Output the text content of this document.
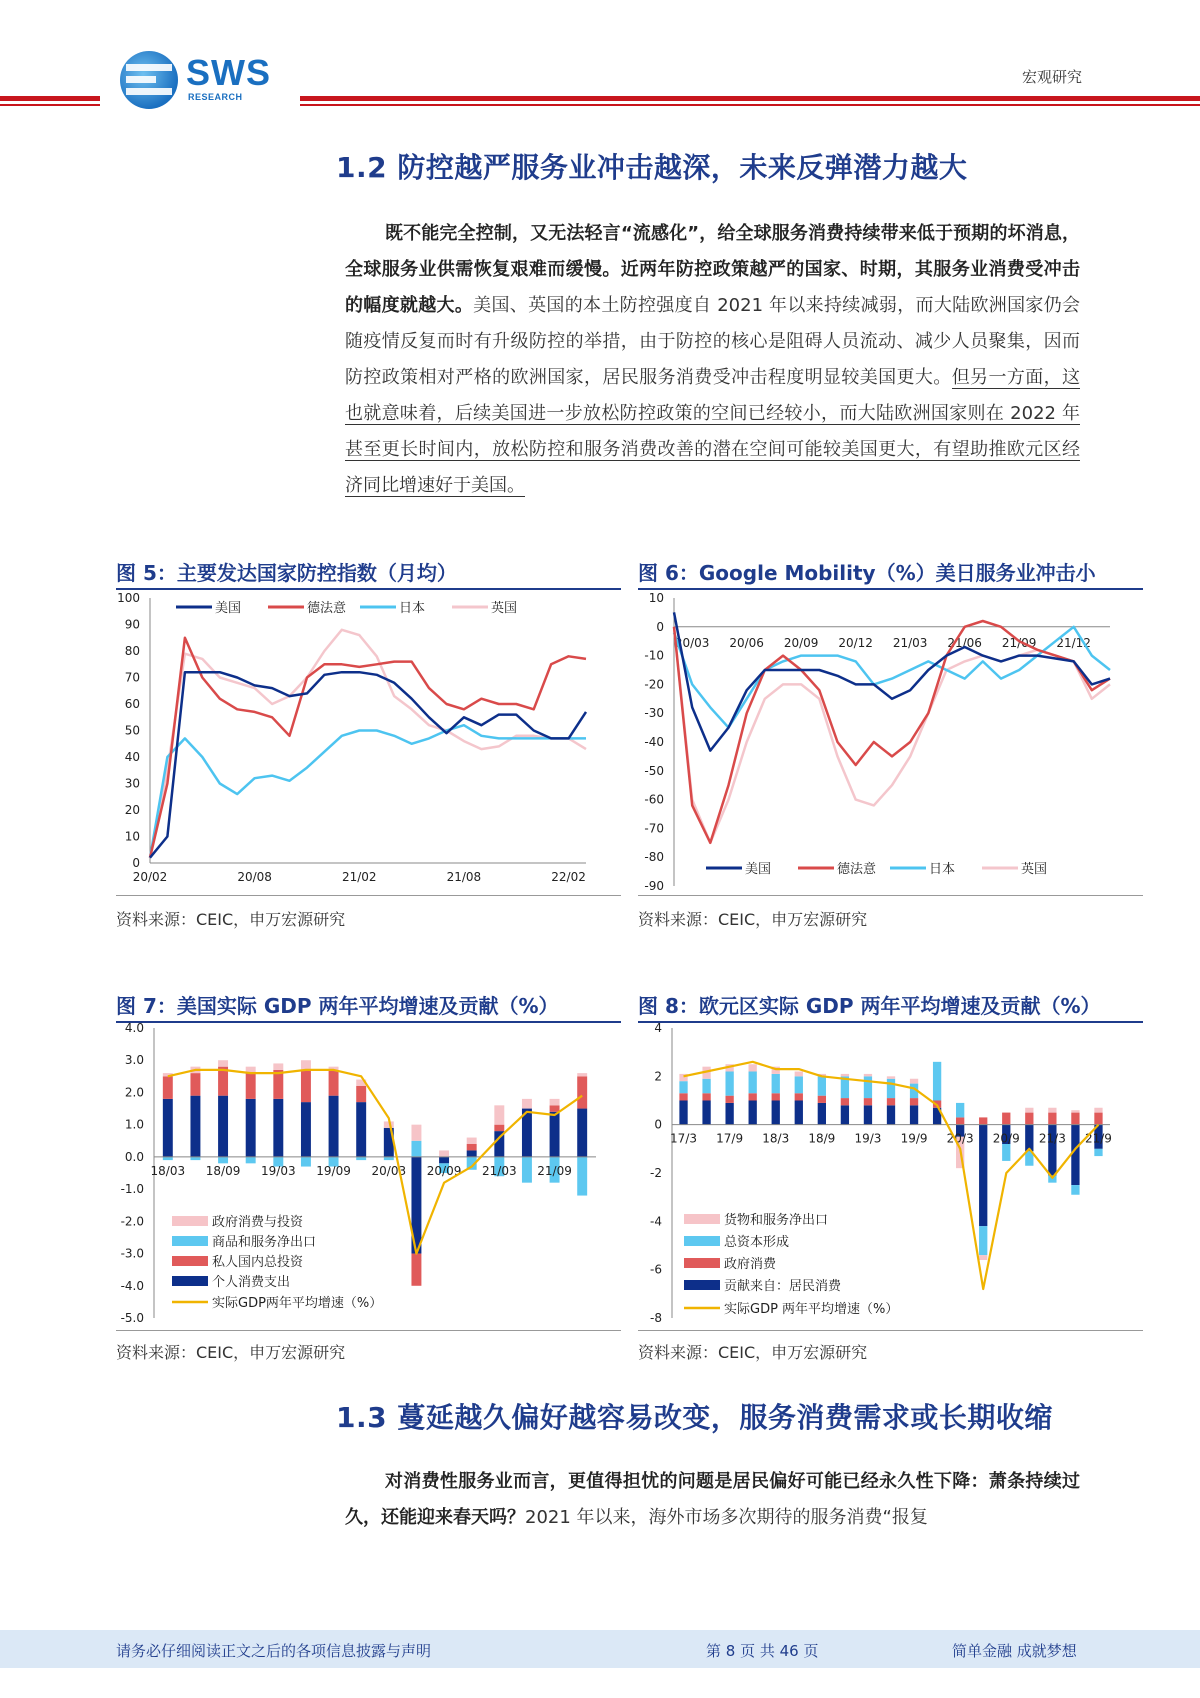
SWS
RESEARCH
宏观研究
1.2 防控越严服务业冲击越深，未来反弹潜力越大
既不能完全控制，又无法轻言“流感化”，给全球服务消费持续带来低于预期的坏消息，全球服务业供需恢复艰难而缓慢。近两年防控政策越严的国家、时期，其服务业消费受冲击的幅度就越大。美国、英国的本土防控强度自 2021 年以来持续减弱，而大陆欧洲国家仍会随疫情反复而时有升级防控的举措，由于防控的核心是阻碍人员流动、减少人员聚集，因而防控政策相对严格的欧洲国家，居民服务消费受冲击程度明显较美国更大。但另一方面，这也就意味着，后续美国进一步放松防控政策的空间已经较小，而大陆欧洲国家则在 2022 年甚至更长时间内，放松防控和服务消费改善的潜在空间可能较美国更大，有望助推欧元区经济同比增速好于美国。
图 5：主要发达国家防控指数（月均）
0
10
20
30
40
50
60
70
80
90
100
20/02	20/08	21/02	21/08	22/02
美国	德法意	日本	英国
资料来源：CEIC，申万宏源研究
图 6：Google Mobility（%）美日服务业冲击小
10
0
-10
-20
-30
-40
-50
-60
-70
-80
-90
20/03 20/06 20/09 20/12 21/03 21/06 21/09 21/12
美国	德法意	日本	英国
资料来源：CEIC，申万宏源研究
图 7：美国实际 GDP 两年平均增速及贡献（%）
4.0
3.0
2.0
1.0
0.0
-1.0
-2.0
-3.0
-4.0
-5.0
18/03 18/09 19/03 19/09 20/03 20/09 21/03 21/09
政府消费与投资
商品和服务净出口
私人国内总投资
个人消费支出
实际GDP两年平均增速（%）
资料来源：CEIC，申万宏源研究
图 8：欧元区实际 GDP 两年平均增速及贡献（%）
4
2
0
-2
-4
-6
-8
17/3 17/9 18/3 18/9 19/3 19/9 20/3 20/9 21/3 21/9
货物和服务净出口
总资本形成
政府消费
贡献来自：居民消费
实际GDP 两年平均增速（%）
资料来源：CEIC，申万宏源研究
1.3 蔓延越久偏好越容易改变，服务消费需求或长期收缩
对消费性服务业而言，更值得担忧的问题是居民偏好可能已经永久性下降：萧条持续过久，还能迎来春天吗？2021 年以来，海外市场多次期待的服务消费“报复
请务必仔细阅读正文之后的各项信息披露与声明	第 8 页 共 46 页	简单金融 成就梦想
